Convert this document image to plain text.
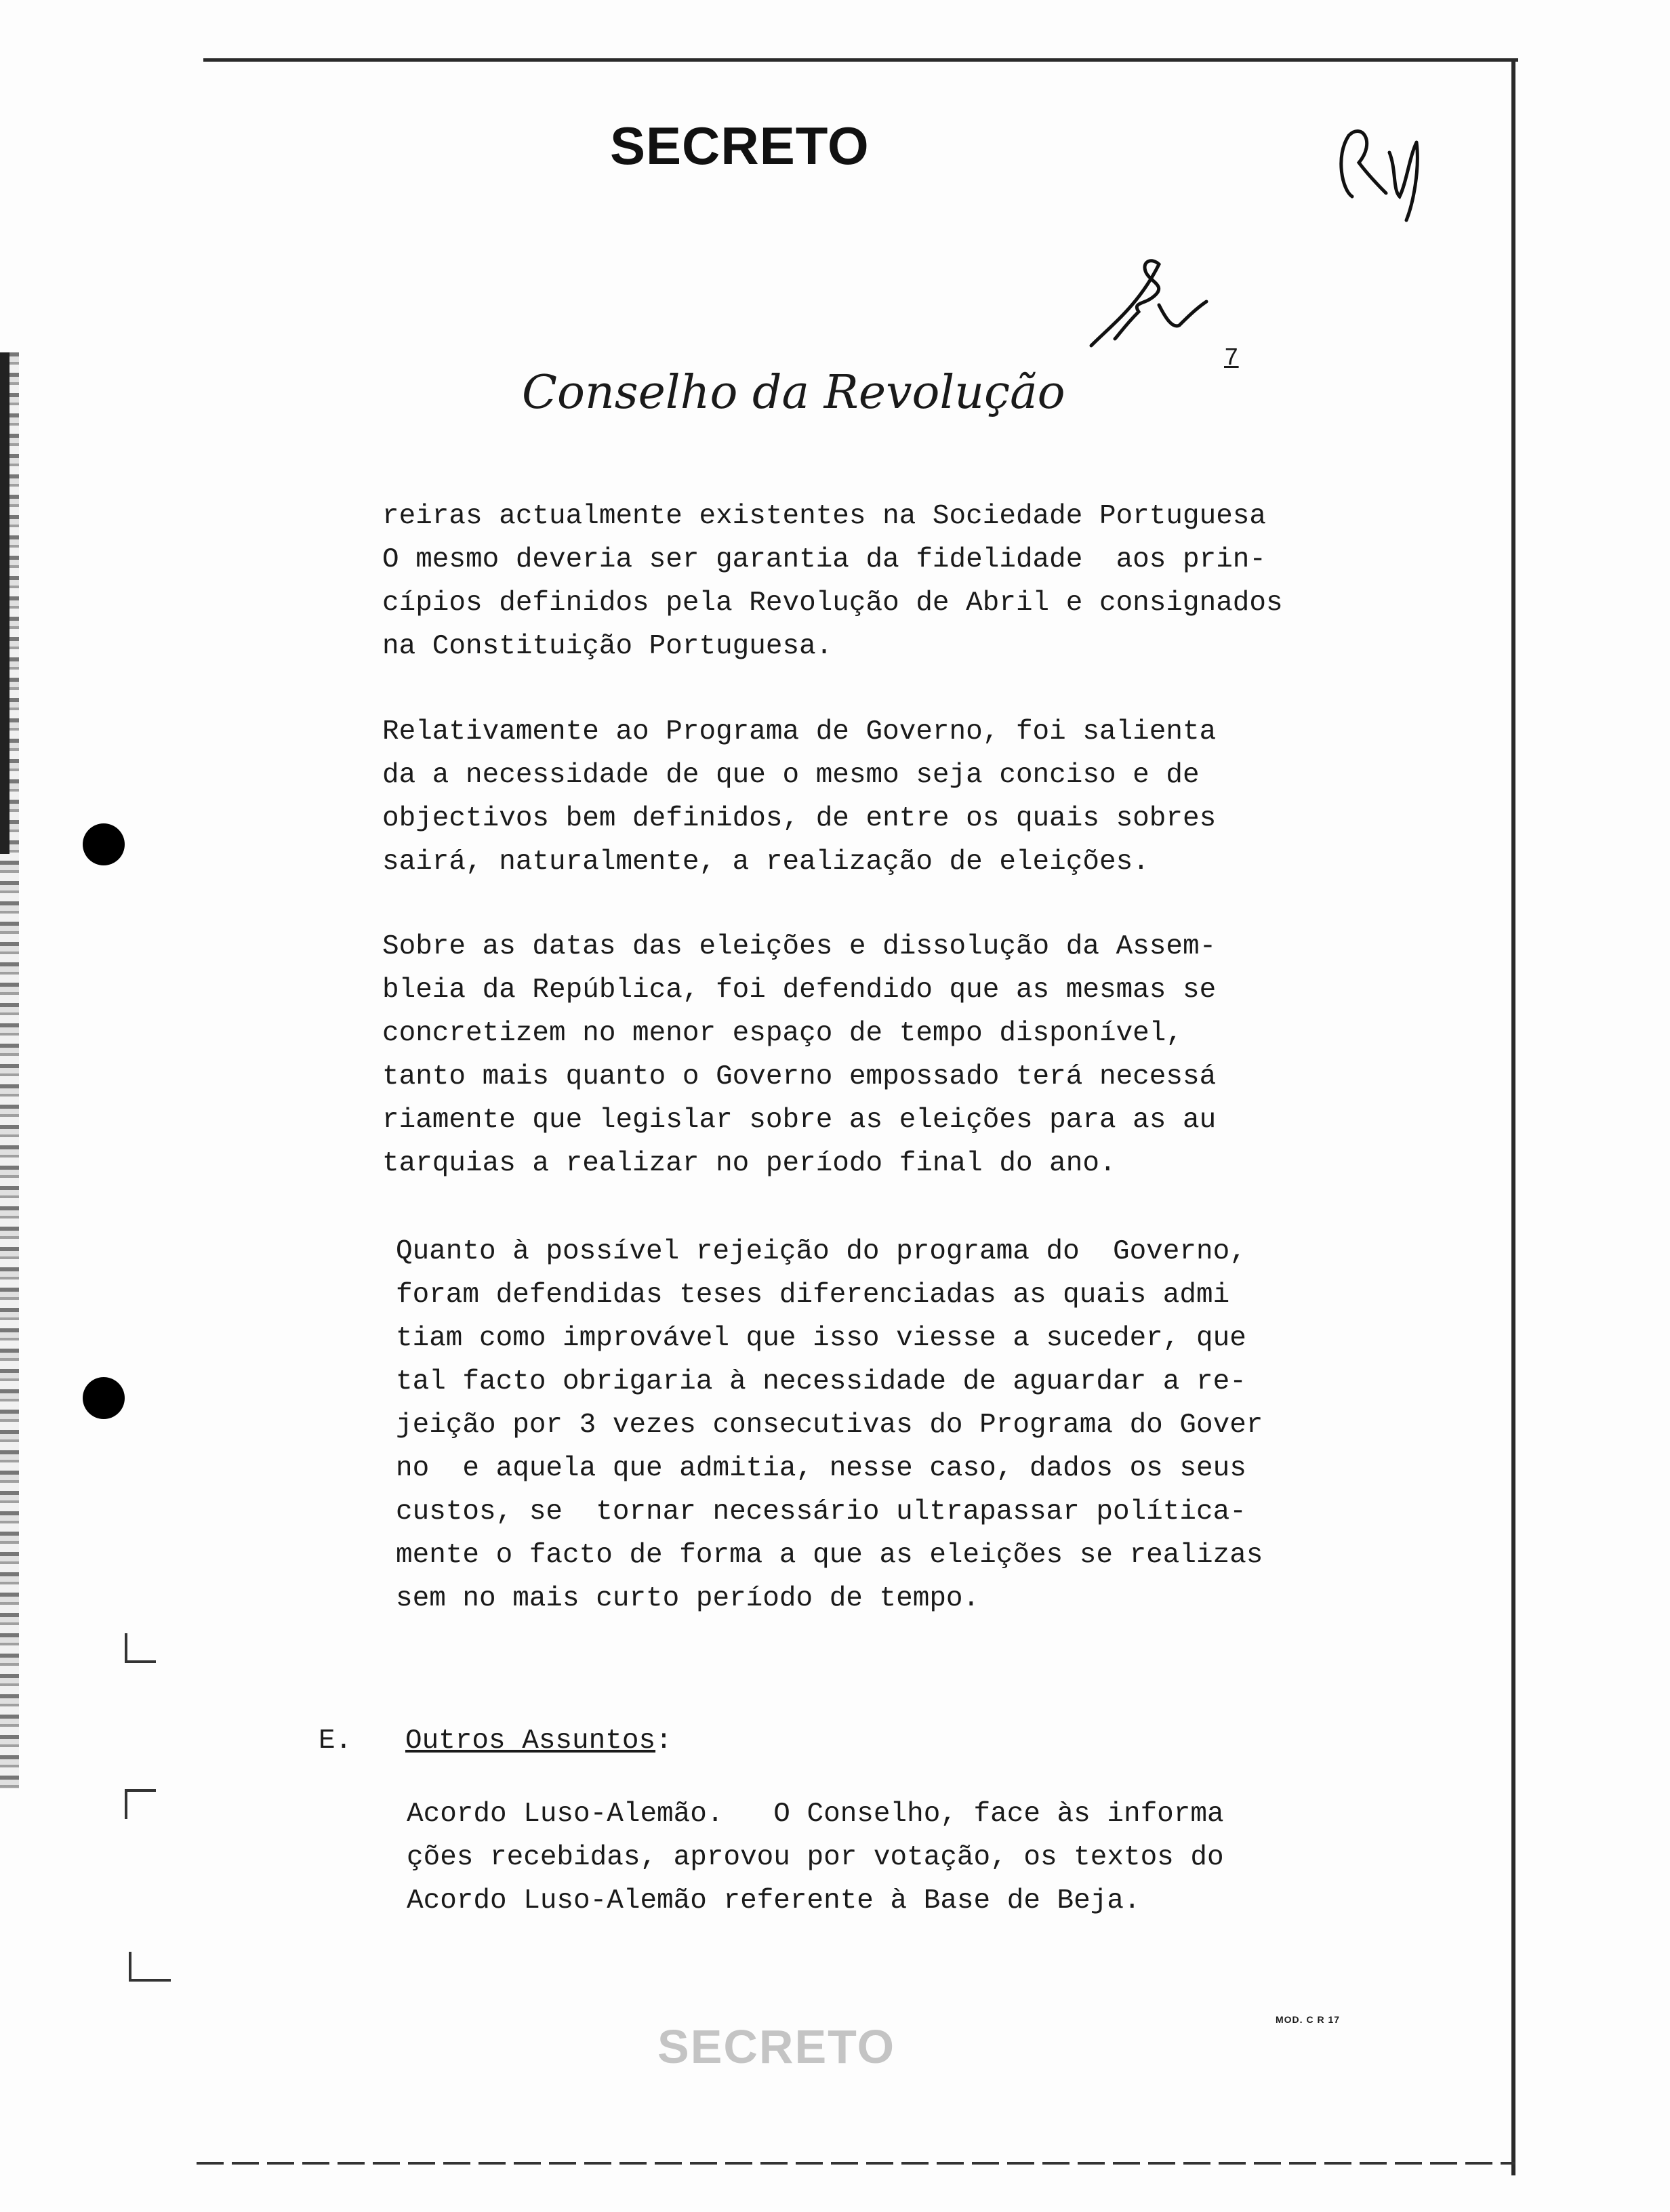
SECRETO
Conselho da Revolução
7

reiras actualmente existentes na Sociedade Portuguesa
O mesmo deveria ser garantia da fidelidade  aos prin-
cípios definidos pela Revolução de Abril e consignados
na Constituição Portuguesa.

Relativamente ao Programa de Governo, foi salienta
da a necessidade de que o mesmo seja conciso e de
objectivos bem definidos, de entre os quais sobres
sairá, naturalmente, a realização de eleições.

Sobre as datas das eleições e dissolução da Assem-
bleia da República, foi defendido que as mesmas se
concretizem no menor espaço de tempo disponível,
tanto mais quanto o Governo empossado terá necessá
riamente que legislar sobre as eleições para as au
tarquias a realizar no período final do ano.

Quanto à possível rejeição do programa do  Governo,
foram defendidas teses diferenciadas as quais admi
tiam como improvável que isso viesse a suceder, que
tal facto obrigaria à necessidade de aguardar a re-
jeição por 3 vezes consecutivas do Programa do Gover
no  e aquela que admitia, nesse caso, dados os seus
custos, se  tornar necessário ultrapassar política-
mente o facto de forma a que as eleições se realizas
sem no mais curto período de tempo.

E. Outros Assuntos:

Acordo Luso-Alemão.   O Conselho, face às informa
ções recebidas, aprovou por votação, os textos do
Acordo Luso-Alemão referente à Base de Beja.

MOD. C R 17
SECRETO
